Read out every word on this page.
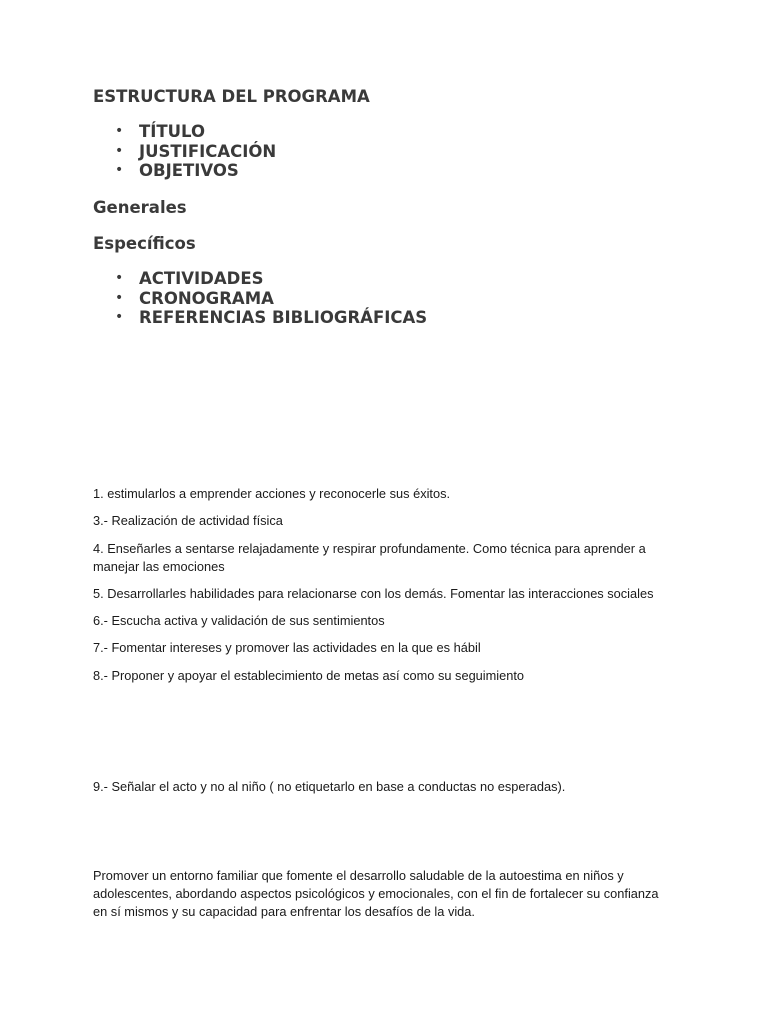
ESTRUCTURA DEL PROGRAMA
• TÍTULO
• JUSTIFICACIÓN
• OBJETIVOS
Generales
Específicos
• ACTIVIDADES
• CRONOGRAMA
• REFERENCIAS BIBLIOGRÁFICAS

1. estimularlos a emprender acciones y reconocerle sus éxitos.

3.- Realización de actividad física

4. Enseñarles a sentarse relajadamente y respirar profundamente. Como técnica para aprender a manejar las emociones

5. Desarrollarles habilidades para relacionarse con los demás. Fomentar las interacciones sociales

6.- Escucha activa y validación de sus sentimientos

7.- Fomentar intereses y promover las actividades en la que es hábil

8.- Proponer y apoyar el establecimiento de metas así como su seguimiento

9.- Señalar el acto y no al niño ( no etiquetarlo en base a conductas no esperadas).

Promover un entorno familiar que fomente el desarrollo saludable de la autoestima en niños y adolescentes, abordando aspectos psicológicos y emocionales, con el fin de fortalecer su confianza en sí mismos y su capacidad para enfrentar los desafíos de la vida.
